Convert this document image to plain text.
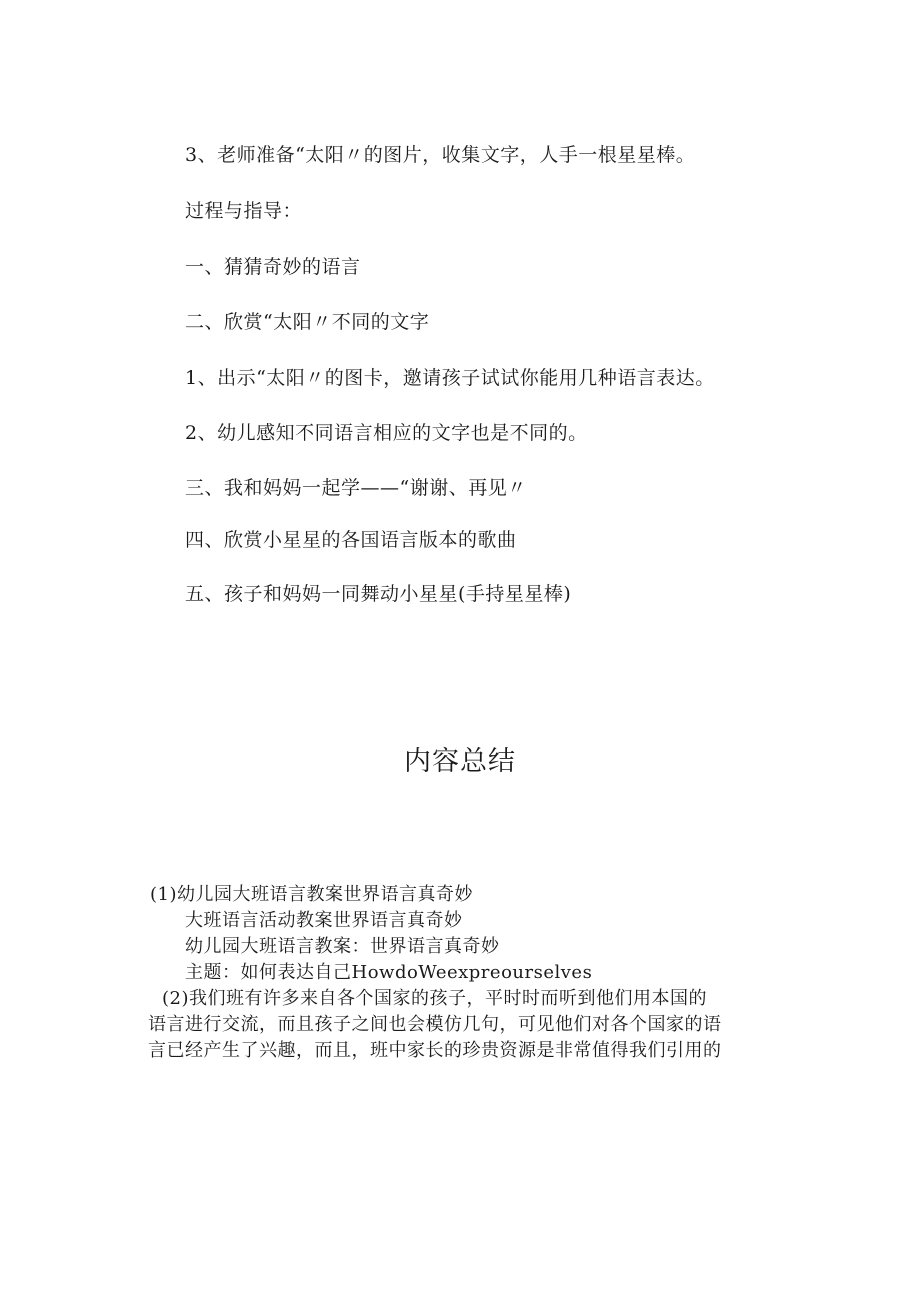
3、老师准备“太阳〃的图片，收集文字，人手一根星星棒。
过程与指导：
一、猜猜奇妙的语言
二、欣赏“太阳〃不同的文字
1、出示“太阳〃的图卡，邀请孩子试试你能用几种语言表达。
2、幼儿感知不同语言相应的文字也是不同的。
三、我和妈妈一起学——“谢谢、再见〃
四、欣赏小星星的各国语言版本的歌曲
五、孩子和妈妈一同舞动小星星(手持星星棒)
内容总结
(1)幼儿园大班语言教案世界语言真奇妙
大班语言活动教案世界语言真奇妙
幼儿园大班语言教案：世界语言真奇妙
主题：如何表达自己HowdoWeexpreourselves
(2)我们班有许多来自各个国家的孩子，平时时而听到他们用本国的
语言进行交流，而且孩子之间也会模仿几句，可见他们对各个国家的语
言已经产生了兴趣，而且，班中家长的珍贵资源是非常值得我们引用的
